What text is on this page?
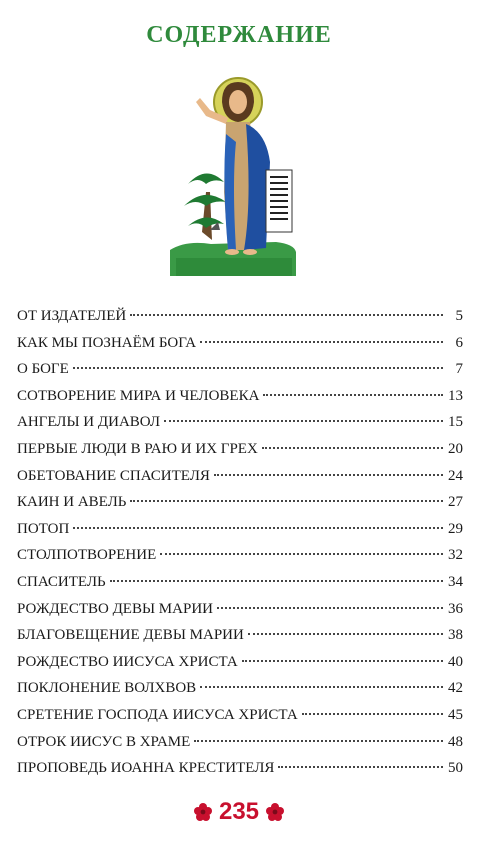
СОДЕРЖАНИЕ
ОТ ИЗДАТЕЛЕЙ	5
КАК МЫ ПОЗНАЁМ БОГА	6
О БОГЕ	7
СОТВОРЕНИЕ МИРА И ЧЕЛОВЕКА	13
АНГЕЛЫ И ДИАВОЛ	15
ПЕРВЫЕ ЛЮДИ В РАЮ И ИХ ГРЕХ	20
ОБЕТОВАНИЕ СПАСИТЕЛЯ	24
КАИН И АВЕЛЬ	27
ПОТОП	29
СТОЛПОТВОРЕНИЕ	32
СПАСИТЕЛЬ	34
РОЖДЕСТВО ДЕВЫ МАРИИ	36
БЛАГОВЕЩЕНИЕ ДЕВЫ МАРИИ	38
РОЖДЕСТВО ИИСУСА ХРИСТА	40
ПОКЛОНЕНИЕ ВОЛХВОВ	42
СРЕТЕНИЕ ГОСПОДА ИИСУСА ХРИСТА	45
ОТРОК ИИСУС В ХРАМЕ	48
ПРОПОВЕДЬ ИОАННА КРЕСТИТЕЛЯ	50
235
